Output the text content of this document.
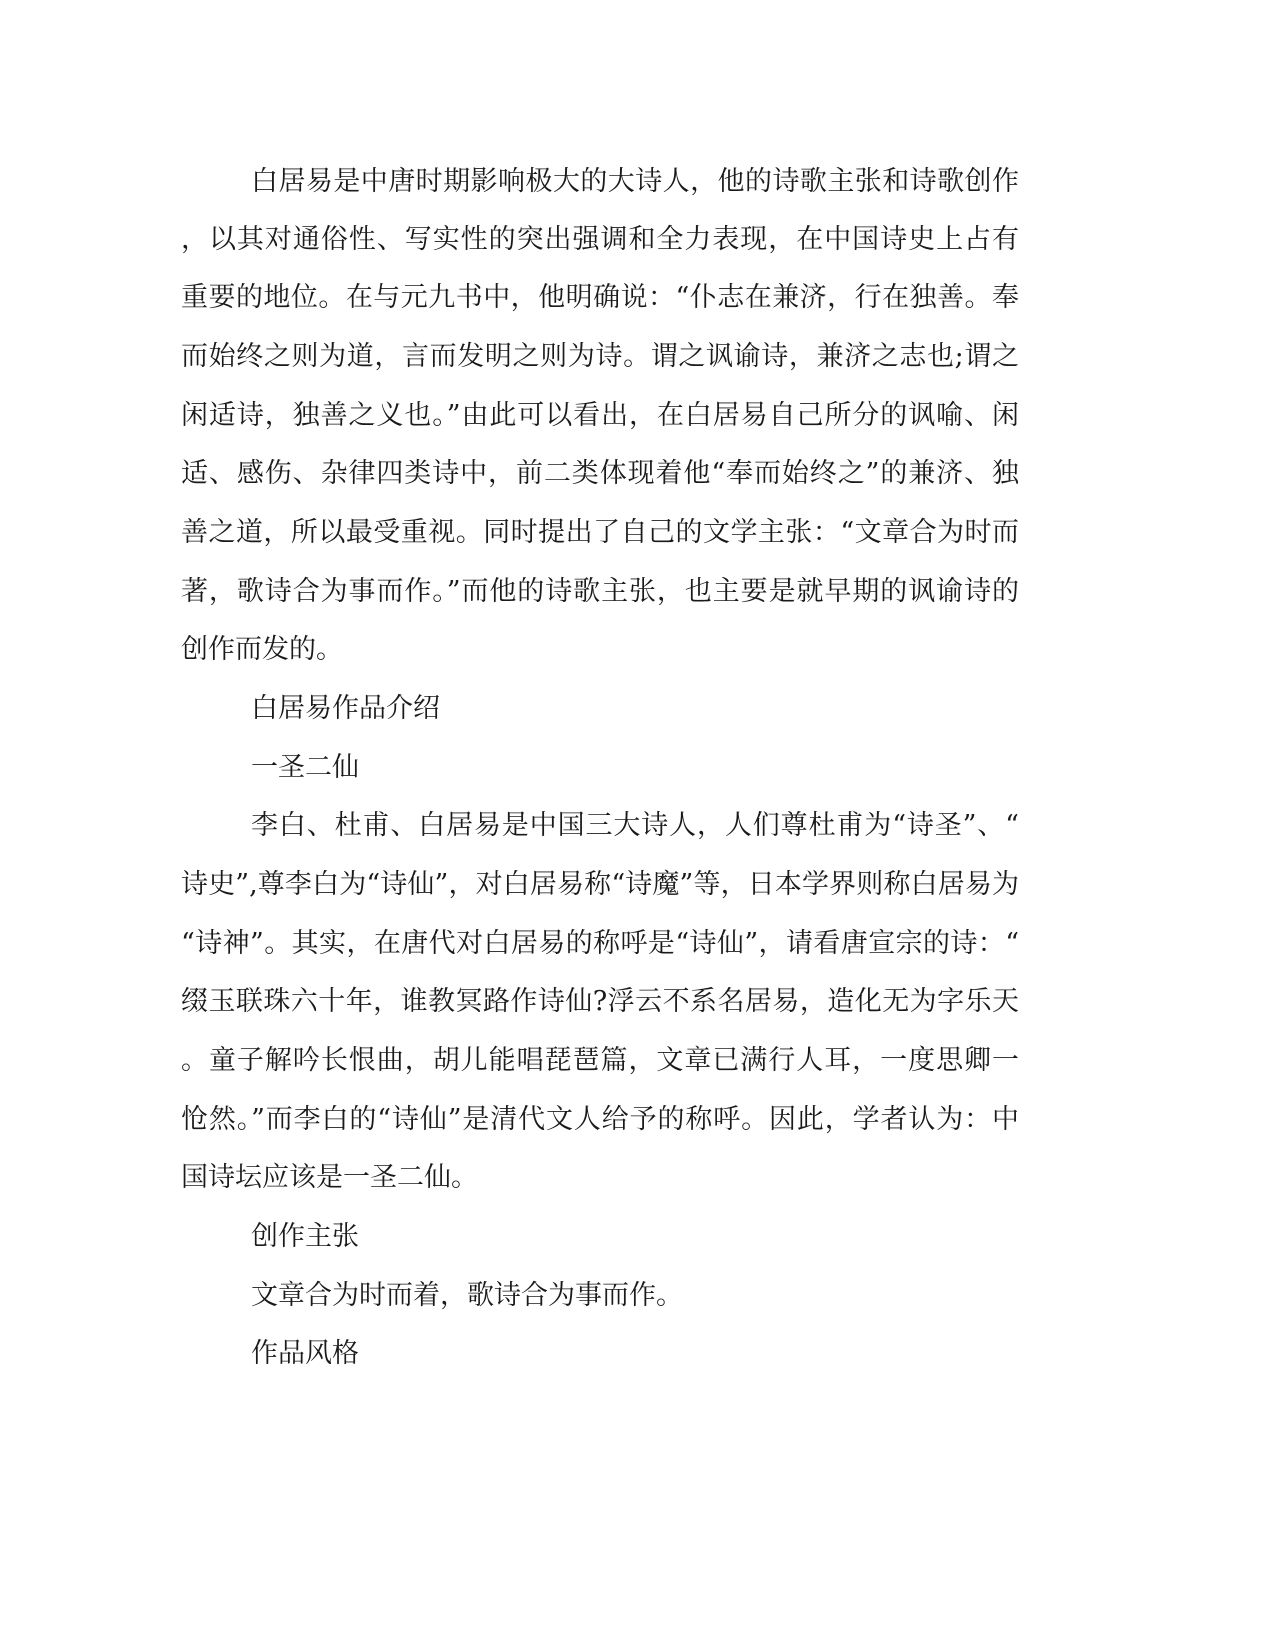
白居易是中唐时期影响极大的大诗人，他的诗歌主张和诗歌创作

，以其对通俗性、写实性的突出强调和全力表现，在中国诗史上占有

重要的地位。在与元九书中，他明确说：“仆志在兼济，行在独善。奉

而始终之则为道，言而发明之则为诗。谓之讽谕诗，兼济之志也;谓之

闲适诗，独善之义也。”由此可以看出，在白居易自己所分的讽喻、闲

适、感伤、杂律四类诗中，前二类体现着他“奉而始终之”的兼济、独

善之道，所以最受重视。同时提出了自己的文学主张：“文章合为时而

著，歌诗合为事而作。”而他的诗歌主张，也主要是就早期的讽谕诗的

创作而发的。

白居易作品介绍

一圣二仙

李白、杜甫、白居易是中国三大诗人，人们尊杜甫为“诗圣”、“

诗史”,尊李白为“诗仙”，对白居易称“诗魔”等，日本学界则称白居易为

“诗神”。其实，在唐代对白居易的称呼是“诗仙”，请看唐宣宗的诗：“

缀玉联珠六十年，谁教冥路作诗仙?浮云不系名居易，造化无为字乐天

。童子解吟长恨曲，胡儿能唱琵琶篇，文章已满行人耳，一度思卿一

怆然。”而李白的“诗仙”是清代文人给予的称呼。因此，学者认为：中

国诗坛应该是一圣二仙。

创作主张

文章合为时而着，歌诗合为事而作。

作品风格
